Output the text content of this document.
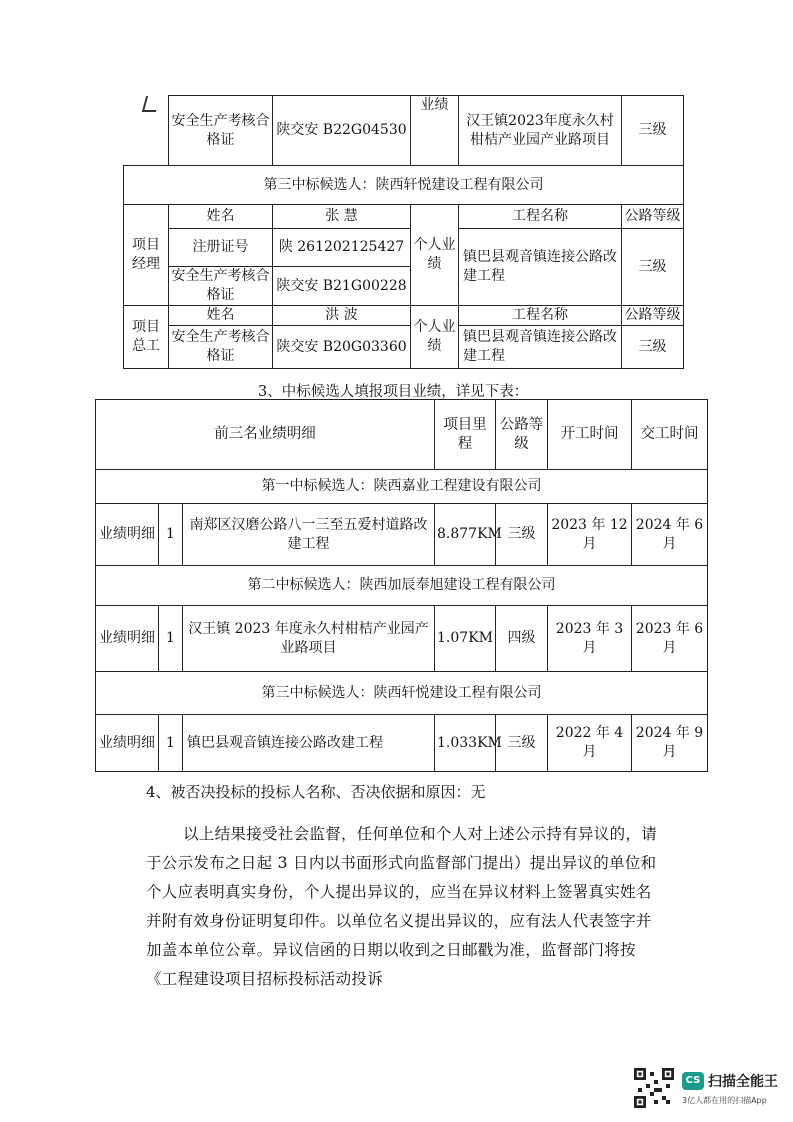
	安全生产考核合格证	陕交安 B22G04530	业绩	汉王镇2023年度永久村柑桔产业园产业路项目	三级
第三中标候选人：陕西轩悦建设工程有限公司					
项目经理	姓名	张 慧	个人业绩	工程名称	公路等级
	注册证号	陕 261202125427		镇巴县观音镇连接公路改建工程	三级
	安全生产考核合格证	陕交安 B21G00228			
项目总工	姓名	洪 波	个人业绩	工程名称	公路等级
	安全生产考核合格证	陕交安 B20G03360		镇巴县观音镇连接公路改建工程	三级
3、中标候选人填报项目业绩，详见下表：
前三名业绩明细			项目里程	公路等级	开工时间	交工时间
第一中标候选人：陕西嘉业工程建设有限公司						
业绩明细	1	南郑区汉磨公路八一三至五爱村道路改建工程	8.877KM	三级	2023 年 12 月	2024 年 6 月
第二中标候选人：陕西加辰奉旭建设工程有限公司						
业绩明细	1	汉王镇 2023 年度永久村柑桔产业园产业路项目	1.07KM	四级	2023 年 3 月	2023 年 6 月
第三中标候选人：陕西轩悦建设工程有限公司						
业绩明细	1	镇巴县观音镇连接公路改建工程	1.033KM	三级	2022 年 4 月	2024 年 9 月
4、被否决投标的投标人名称、否决依据和原因：无

以上结果接受社会监督，任何单位和个人对上述公示持有异议的，请于公示发布之日起 3 日内以书面形式向监督部门提出）提出异议的单位和个人应表明真实身份，个人提出异议的，应当在异议材料上签署真实姓名并附有效身份证明复印件。以单位名义提出异议的，应有法人代表签字并加盖本单位公章。异议信函的日期以收到之日邮戳为准，监督部门将按《工程建设项目招标投标活动投诉

CS 扫描全能王
3亿人都在用的扫描App
